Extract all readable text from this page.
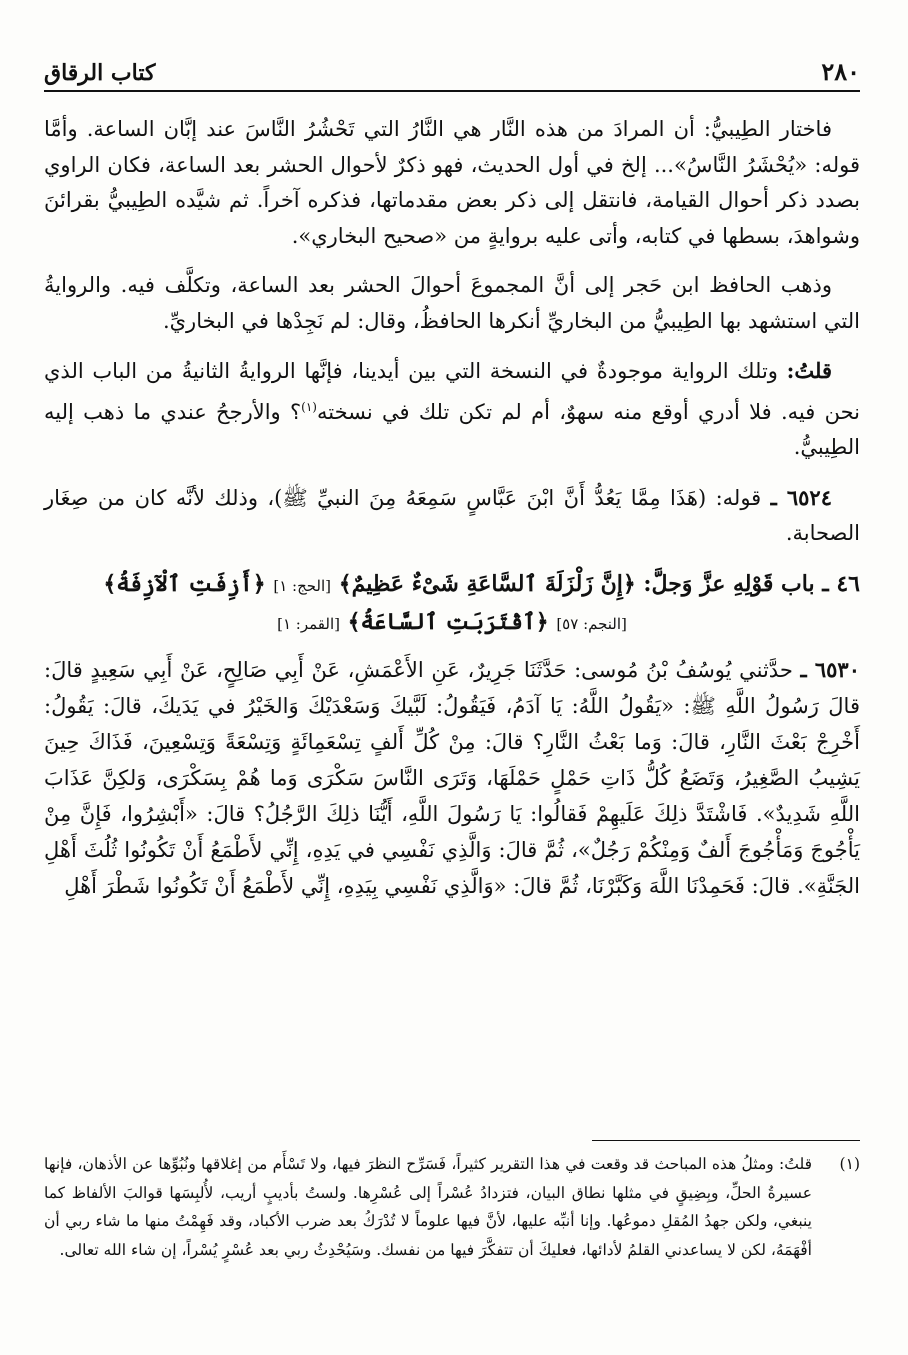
كتاب الرقاق	٢٨٠

فاختار الطِيبيُّ: أن المرادَ من هذه النَّار هي النَّارُ التي تَحْشُرُ النَّاسَ عند إبَّان الساعة. وأمَّا قوله: «يُحْشَرُ النَّاسُ»... إلخ في أول الحديث، فهو ذكرٌ لأحوال الحشر بعد الساعة، فكان الراوي بصدد ذكر أحوال القيامة، فانتقل إلى ذكر بعض مقدماتها، فذكره آخراً. ثم شيَّده الطِيبيُّ بقرائنَ وشواهدَ، بسطها في كتابه، وأتى عليه بروايةٍ من «صحيح البخاري».

وذهب الحافظ ابن حَجر إلى أنَّ المجموعَ أحوالَ الحشر بعد الساعة، وتكلَّف فيه. والروايةُ التي استشهد بها الطِيبيُّ من البخاريِّ أنكرها الحافظُ، وقال: لم نَجِدْها في البخاريِّ.

قلتُ: وتلك الرواية موجودةٌ في النسخة التي بين أيدينا، فإنَّها الروايةُ الثانيةُ من الباب الذي نحن فيه. فلا أدري أوقع منه سهوٌ، أم لم تكن تلك في نسخته$^{(١)}$؟ والأرجحُ عندي ما ذهب إليه الطِيبيُّ.

٦٥٢٤ ـ قوله: (هَذَا مِمَّا يَعُدُّ أَنَّ ابْنَ عَبَّاسٍ سَمِعَهُ مِنَ النبيِّ ﷺ)، وذلك لأنَّه كان من صِغَار الصحابة.

٤٦ ـ باب قَوْلِهِ عزَّ وَجلَّ: ﴿إِنَّ زَلْزَلَةَ ٱلسَّاعَةِ شَىْءٌ عَظِيمٌ﴾ [الحج: ١] ﴿أَزِفَتِ ٱلْآزِفَةُ﴾
[النجم: ٥٧] ﴿ٱقْتَرَبَتِ ٱلسَّاعَةُ﴾ [القمر: ١]

٦٥٣٠ ـ حدَّثني يُوسُفُ بْنُ مُوسى: حَدَّثَنَا جَرِيرٌ، عَنِ الأَعْمَشِ، عَنْ أَبِي صَالِحٍ، عَنْ أَبِي سَعِيدٍ قالَ: قالَ رَسُولُ اللَّهِ ﷺ: «يَقُولُ اللَّهُ: يَا آدَمُ، فَيَقُولُ: لَبَّيكَ وَسَعْدَيْكَ وَالخَيْرُ في يَدَيكَ، قالَ: يَقُولُ: أَخْرِجْ بَعْثَ النَّارِ، قالَ: وَما بَعْثُ النَّارِ؟ قالَ: مِنْ كُلِّ أَلفٍ تِسْعَمِائَةٍ وَتِسْعَةً وَتِسْعِينَ، فَذَاكَ حِينَ يَشِيبُ الصَّغِيرُ، وَتَضَعُ كُلُّ ذَاتِ حَمْلٍ حَمْلَهَا، وَتَرَى النَّاسَ سَكْرَى وَما هُمْ بِسَكْرَى، وَلكِنَّ عَذَابَ اللَّهِ شَدِيدٌ». فَاشْتَدَّ ذلِكَ عَلَيهِمْ فَقالُوا: يَا رَسُولَ اللَّهِ، أَيُّنَا ذلِكَ الرَّجُلُ؟ قالَ: «أَبْشِرُوا، فَإِنَّ مِنْ يَأْجُوجَ وَمَأْجُوجَ أَلفٌ وَمِنْكُمْ رَجُلٌ»، ثُمَّ قالَ: وَالَّذِي نَفْسِي في يَدِهِ، إِنِّي لأَطْمَعُ أَنْ تَكُونُوا ثُلُثَ أَهْلِ الجَنَّةِ». قالَ: فَحَمِدْنَا اللَّهَ وَكَبَّرْنَا، ثُمَّ قالَ: «وَالَّذِي نَفْسِي بِيَدِهِ، إِنِّي لأَطْمَعُ أَنْ تَكُونُوا شَطْرَ أَهْلِ

(١)
قلتُ: ومثلُ هذه المباحث قد وقعت في هذا التقرير كثيراً، فَسَرِّح النظرَ فيها، ولا تَسْأَم من إغلاقها ونُبُوِّها عن الأذهان، فإنها عسيرةُ الحلِّ، وبِضِيقٍ في مثلها نطاق البيان، فتزدادُ عُسْراً إلى عُسْرِها. ولستُ بأديبٍ أريب، لأُلبِسَها قوالبَ الألفاظ كما ينبغي، ولكن جهدُ المُقلِ دموعُها. وإنا أنبِّه عليها، لأنَّ فيها علوماً لا تُدْرَكُ بعد ضرب الأكباد، وقد فَهِمْتُ منها ما شاء ربي أن أفْهَمَهُ، لكن لا يساعدني القلمُ لأدائها، فعليكَ أن تتفكَّرَ فيها من نفسك. وسَيُحْدِثُ ربي بعد عُسْرٍ يُسْراً، إن شاء الله تعالى.
